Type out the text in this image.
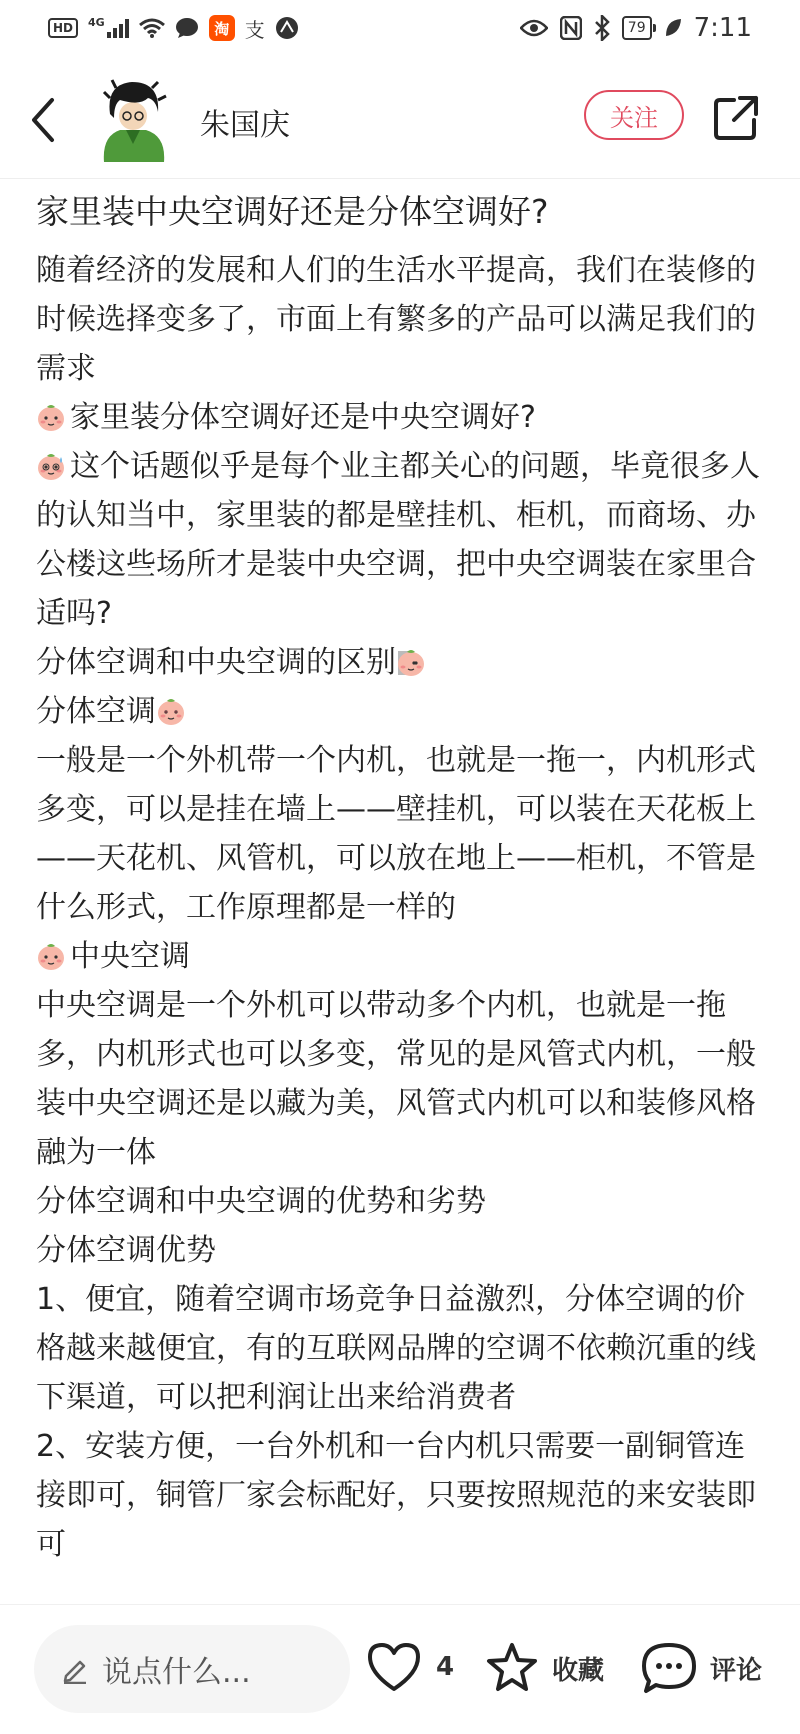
HD	4G	淘 支	79 7:11
朱国庆	关注
家里装中央空调好还是分体空调好?

随着经济的发展和人们的生活水平提高，我们在装修的时候选择变多了，市面上有繁多的产品可以满足我们的需求

家里装分体空调好还是中央空调好?

这个话题似乎是每个业主都关心的问题，毕竟很多人的认知当中，家里装的都是壁挂机、柜机，而商场、办公楼这些场所才是装中央空调，把中央空调装在家里合适吗?

分体空调和中央空调的区别

分体空调

一般是一个外机带一个内机，也就是一拖一，内机形式多变，可以是挂在墙上——壁挂机，可以装在天花板上——天花机、风管机，可以放在地上——柜机，不管是什么形式，工作原理都是一样的

中央空调

中央空调是一个外机可以带动多个内机，也就是一拖多，内机形式也可以多变，常见的是风管式内机，一般装中央空调还是以藏为美，风管式内机可以和装修风格融为一体

分体空调和中央空调的优势和劣势

分体空调优势

1、便宜，随着空调市场竞争日益激烈，分体空调的价格越来越便宜，有的互联网品牌的空调不依赖沉重的线下渠道，可以把利润让出来给消费者

2、安装方便，一台外机和一台内机只需要一副铜管连接即可，铜管厂家会标配好，只要按照规范的来安装即可

说点什么...	4	收藏	评论
